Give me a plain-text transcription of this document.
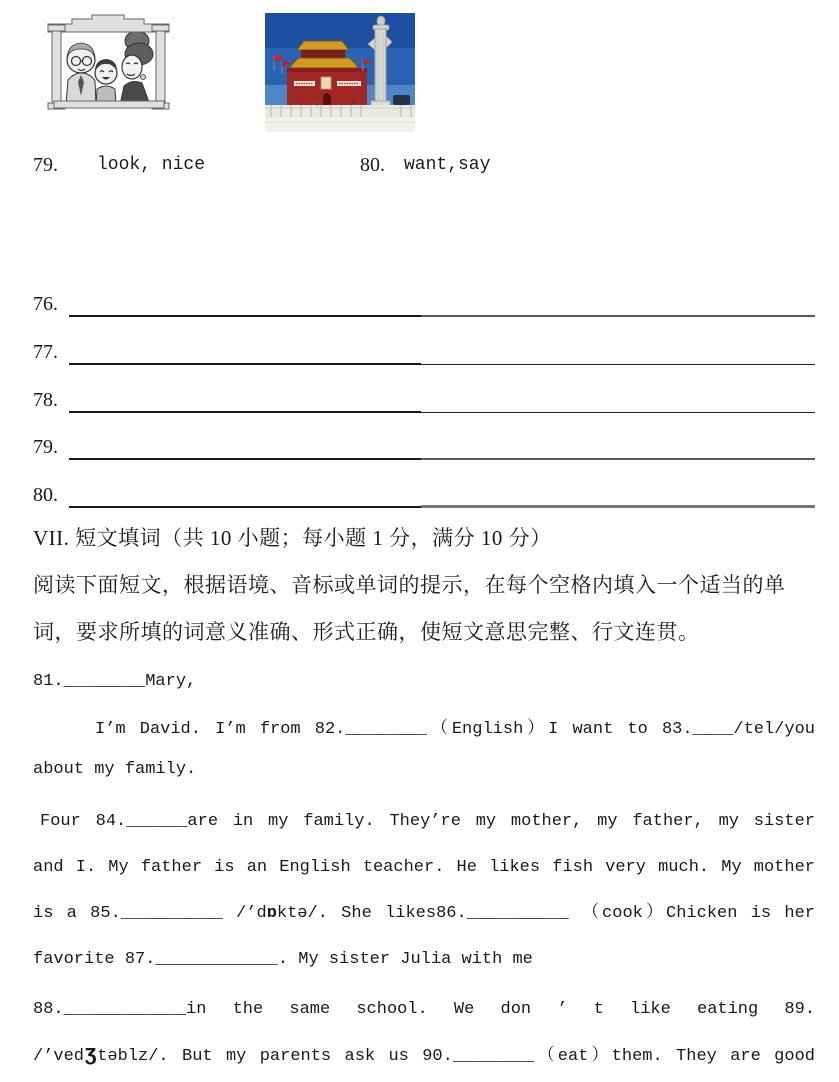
79. look, nice	80. want,say
76.
77.
78.
79.
80.
VII. 短文填词（共 10 小题；每小题 1 分，满分 10 分）
阅读下面短文，根据语境、音标或单词的提示，在每个空格内填入一个适当的单
词，要求所填的词意义准确、形式正确，使短文意思完整、行文连贯。
81.________Mary,
I’m David. I’m from 82.________（English）I want to 83.____/tel/you
about my family.
Four 84.______are in my family. They’re my mother, my father, my sister
and I. My father is an English teacher. He likes fish very much. My mother
is a 85.__________ /’dɒktə/. She likes86.__________ （cook）Chicken is her
favorite 87.____________. My sister Julia with me
88.____________in the same school. We don ’ t like eating 89.
/’vedʒtəblz/. But my parents ask us 90.________（eat）them. They are good
